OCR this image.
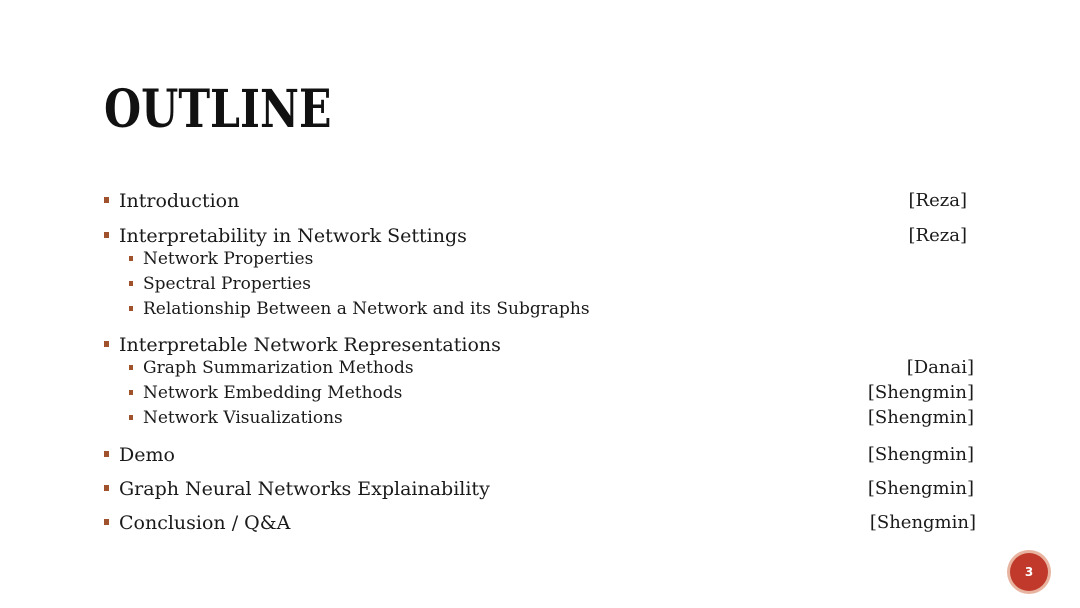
OUTLINE
Introduction	[Reza]
Interpretability in Network Settings	[Reza]
Network Properties
Spectral Properties
Relationship Between a Network and its Subgraphs
Interpretable Network Representations
Graph Summarization Methods	[Danai]
Network Embedding Methods	[Shengmin]
Network Visualizations	[Shengmin]
Demo	[Shengmin]
Graph Neural Networks Explainability	[Shengmin]
Conclusion / Q&A	[Shengmin]
3
